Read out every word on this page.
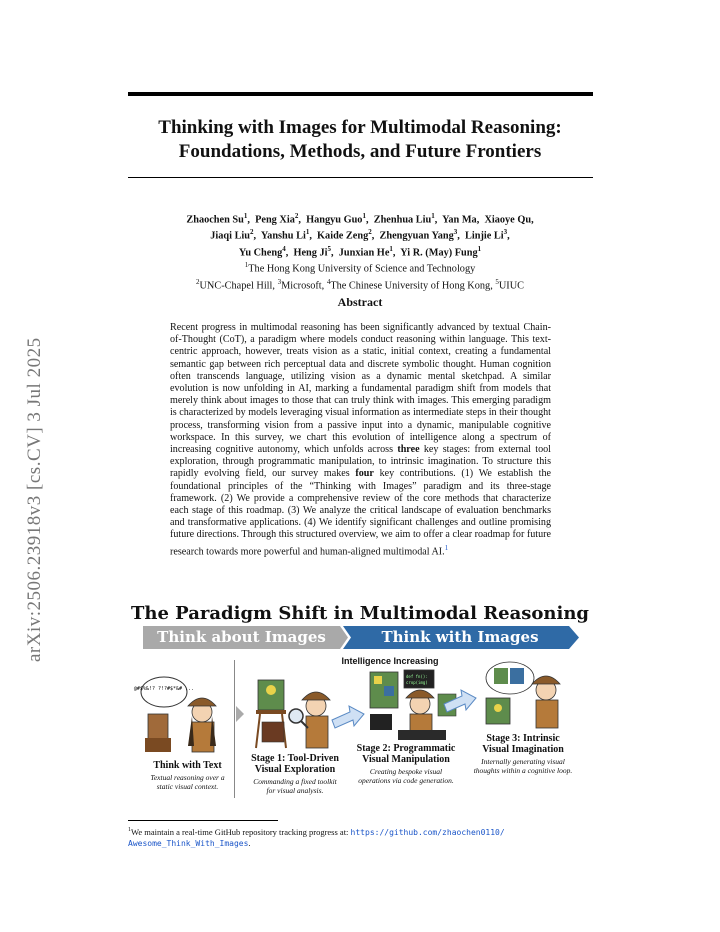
arXiv:2506.23918v3 [cs.CV] 3 Jul 2025
Thinking with Images for Multimodal Reasoning:
Foundations, Methods, and Future Frontiers
Zhaochen Su$^1$,  Peng Xia$^2$,  Hangyu Guo$^1$,  Zhenhua Liu$^1$,  Yan Ma,  Xiaoye Qu,
Jiaqi Liu$^2$,  Yanshu Li$^1$,  Kaide Zeng$^2$,  Zhengyuan Yang$^3$,  Linjie Li$^3$,
Yu Cheng$^4$,  Heng Ji$^5$,  Junxian He$^1$,  Yi R. (May) Fung$^1$
$^1$The Hong Kong University of Science and Technology
$^2$UNC-Chapel Hill, $^3$Microsoft, $^4$The Chinese University of Hong Kong, $^5$UIUC
Abstract
Recent progress in multimodal reasoning has been significantly advanced by textual Chain-of-Thought (CoT), a paradigm where models conduct reasoning within language. This text-centric approach, however, treats vision as a static, initial context, creating a fundamental semantic gap between rich perceptual data and discrete symbolic thought. Human cognition often transcends language, utilizing vision as a dynamic mental sketchpad. A similar evolution is now unfolding in AI, marking a fundamental paradigm shift from models that merely think about images to those that can truly think with images. This emerging paradigm is characterized by models leveraging visual information as intermediate steps in their thought process, transforming vision from a passive input into a dynamic, manipulable cognitive workspace. In this survey, we chart this evolution of intelligence along a spectrum of increasing cognitive autonomy, which unfolds across three key stages: from external tool exploration, through programmatic manipulation, to intrinsic imagination. To structure this rapidly evolving field, our survey makes four key contributions. (1) We establish the foundational principles of the “Thinking with Images” paradigm and its three-stage framework. (2) We provide a comprehensive review of the core methods that characterize each stage of this roadmap. (3) We analyze the critical landscape of evaluation benchmarks and transformative applications. (4) We identify significant challenges and outline promising future directions. Through this structured overview, we aim to offer a clear roadmap for future research towards more powerful and human-aligned multimodal AI.$^1$
The Paradigm Shift in Multimodal Reasoning
Think about Images	Think with Images
Intelligence Increasing
@#$%&!? ?!?#$*&# ...
def fn():
crop(img)
Think with Text
Textual reasoning over a
static visual context.
Stage 1: Tool-Driven
Visual Exploration
Commanding a fixed toolkit
for visual analysis.
Stage 2: Programmatic
Visual Manipulation
Creating bespoke visual
operations via code generation.
Stage 3: Intrinsic
Visual Imagination
Internally generating visual
thoughts within a cognitive loop.
$^1$We maintain a real-time GitHub repository tracking progress at: https://github.com/zhaochen0110/
Awesome_Think_With_Images.
